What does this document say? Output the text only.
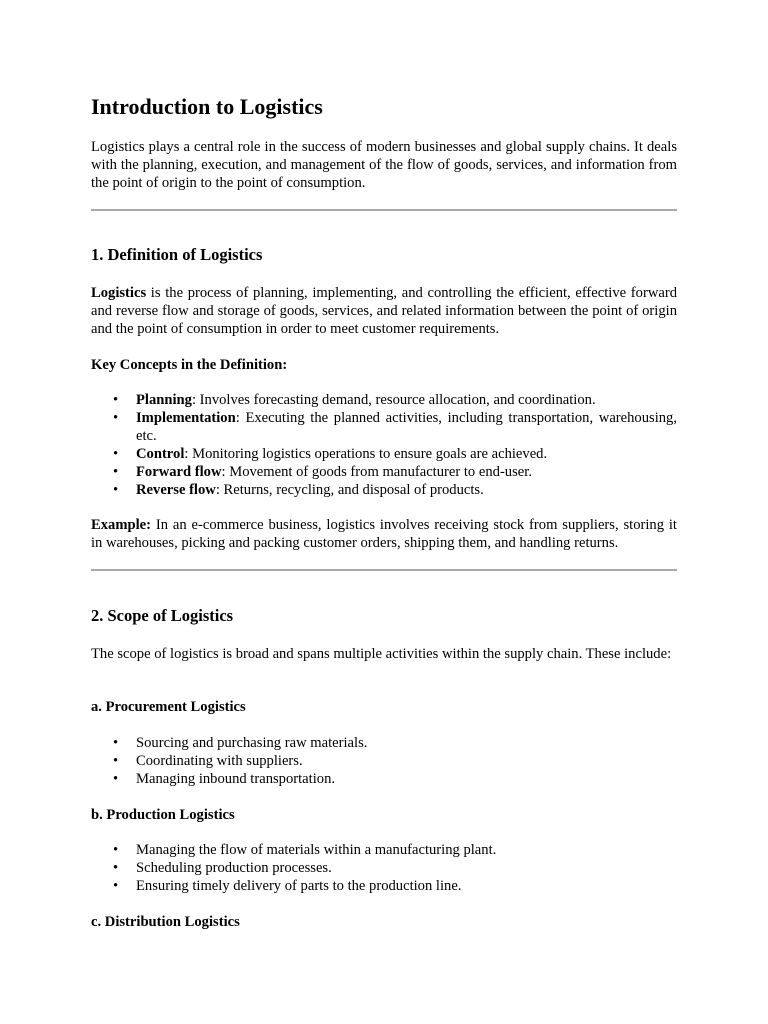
Introduction to Logistics

Logistics plays a central role in the success of modern businesses and global supply chains. It deals with the planning, execution, and management of the flow of goods, services, and information from the point of origin to the point of consumption.

1. Definition of Logistics

Logistics is the process of planning, implementing, and controlling the efficient, effective forward and reverse flow and storage of goods, services, and related information between the point of origin and the point of consumption in order to meet customer requirements.

Key Concepts in the Definition:
• Planning: Involves forecasting demand, resource allocation, and coordination.
• Implementation: Executing the planned activities, including transportation, warehousing, etc.
• Control: Monitoring logistics operations to ensure goals are achieved.
• Forward flow: Movement of goods from manufacturer to end-user.
• Reverse flow: Returns, recycling, and disposal of products.

Example: In an e-commerce business, logistics involves receiving stock from suppliers, storing it in warehouses, picking and packing customer orders, shipping them, and handling returns.

2. Scope of Logistics

The scope of logistics is broad and spans multiple activities within the supply chain. These include:

a. Procurement Logistics
• Sourcing and purchasing raw materials.
• Coordinating with suppliers.
• Managing inbound transportation.
b. Production Logistics
• Managing the flow of materials within a manufacturing plant.
• Scheduling production processes.
• Ensuring timely delivery of parts to the production line.
c. Distribution Logistics
